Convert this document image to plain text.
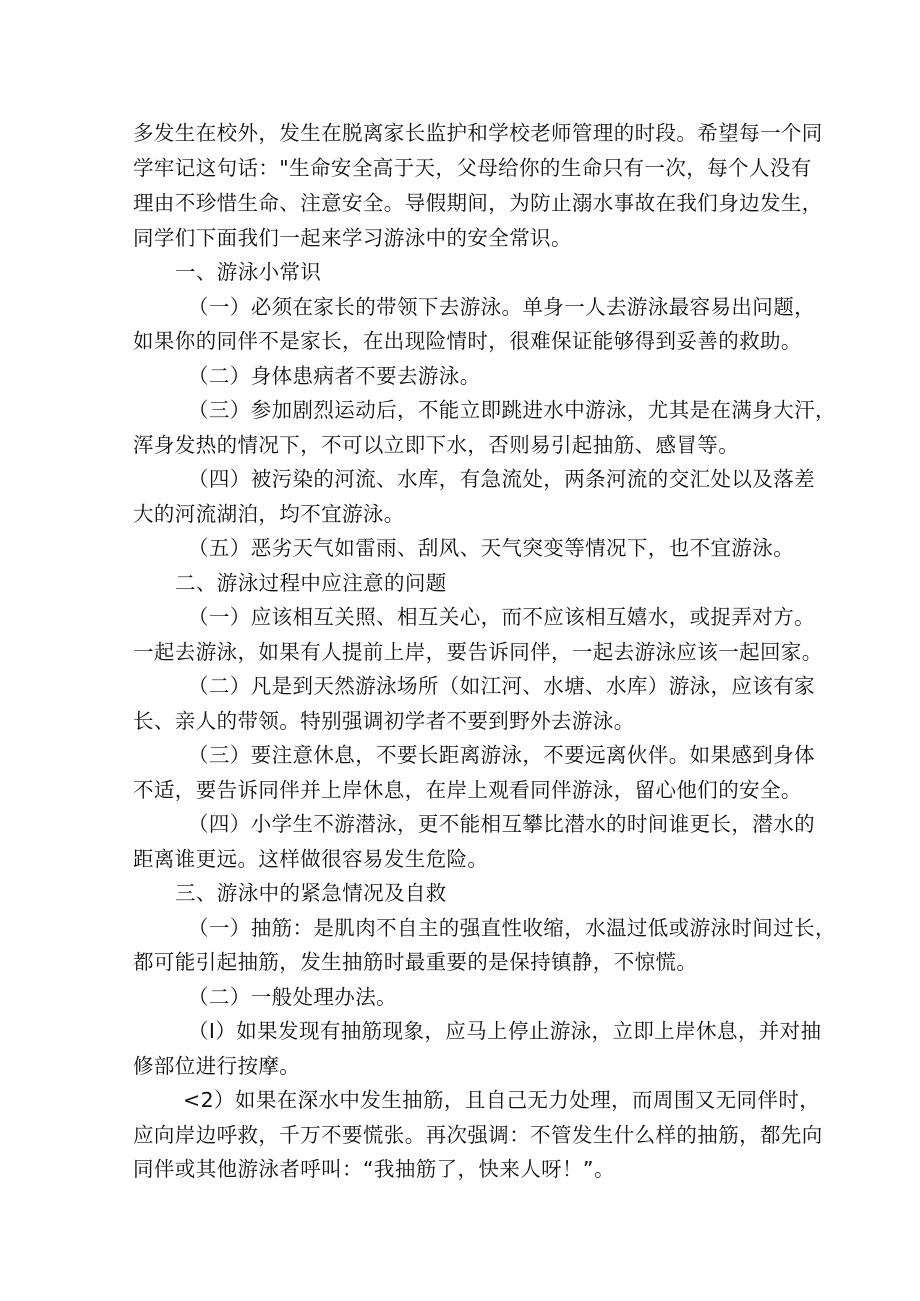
多发生在校外，发生在脱离家长监护和学校老师管理的时段。希望每一个同
学牢记这句话："生命安全高于天，父母给你的生命只有一次，每个人没有
理由不珍惜生命、注意安全。导假期间，为防止溺水事故在我们身边发生，
同学们下面我们一起来学习游泳中的安全常识。
一、游泳小常识
（一）必须在家长的带领下去游泳。单身一人去游泳最容易出问题，
如果你的同伴不是家长，在出现险情时，很难保证能够得到妥善的救助。
（二）身体患病者不要去游泳。
（三）参加剧烈运动后，不能立即跳进水中游泳，尤其是在满身大汗，
浑身发热的情况下，不可以立即下水，否则易引起抽筋、感冒等。
（四）被污染的河流、水库，有急流处，两条河流的交汇处以及落差
大的河流湖泊，均不宜游泳。
（五）恶劣天气如雷雨、刮风、天气突变等情况下，也不宜游泳。
二、游泳过程中应注意的问题
（一）应该相互关照、相互关心，而不应该相互嬉水，或捉弄对方。
一起去游泳，如果有人提前上岸，要告诉同伴，一起去游泳应该一起回家。
（二）凡是到天然游泳场所（如江河、水塘、水库）游泳，应该有家
长、亲人的带领。特别强调初学者不要到野外去游泳。
（三）要注意休息，不要长距离游泳，不要远离伙伴。如果感到身体
不适，要告诉同伴并上岸休息，在岸上观看同伴游泳，留心他们的安全。
（四）小学生不游潜泳，更不能相互攀比潜水的时间谁更长，潜水的
距离谁更远。这样做很容易发生危险。
三、游泳中的紧急情况及自救
（一）抽筋：是肌肉不自主的强直性收缩，水温过低或游泳时间过长，
都可能引起抽筋，发生抽筋时最重要的是保持镇静，不惊慌。
（二）一般处理办法。
（I）如果发现有抽筋现象，应马上停止游泳，立即上岸休息，并对抽
修部位进行按摩。
<2）如果在深水中发生抽筋，且自己无力处理，而周围又无同伴时，
应向岸边呼救，千万不要慌张。再次强调：不管发生什么样的抽筋，都先向
同伴或其他游泳者呼叫：“我抽筋了，快来人呀！”。
